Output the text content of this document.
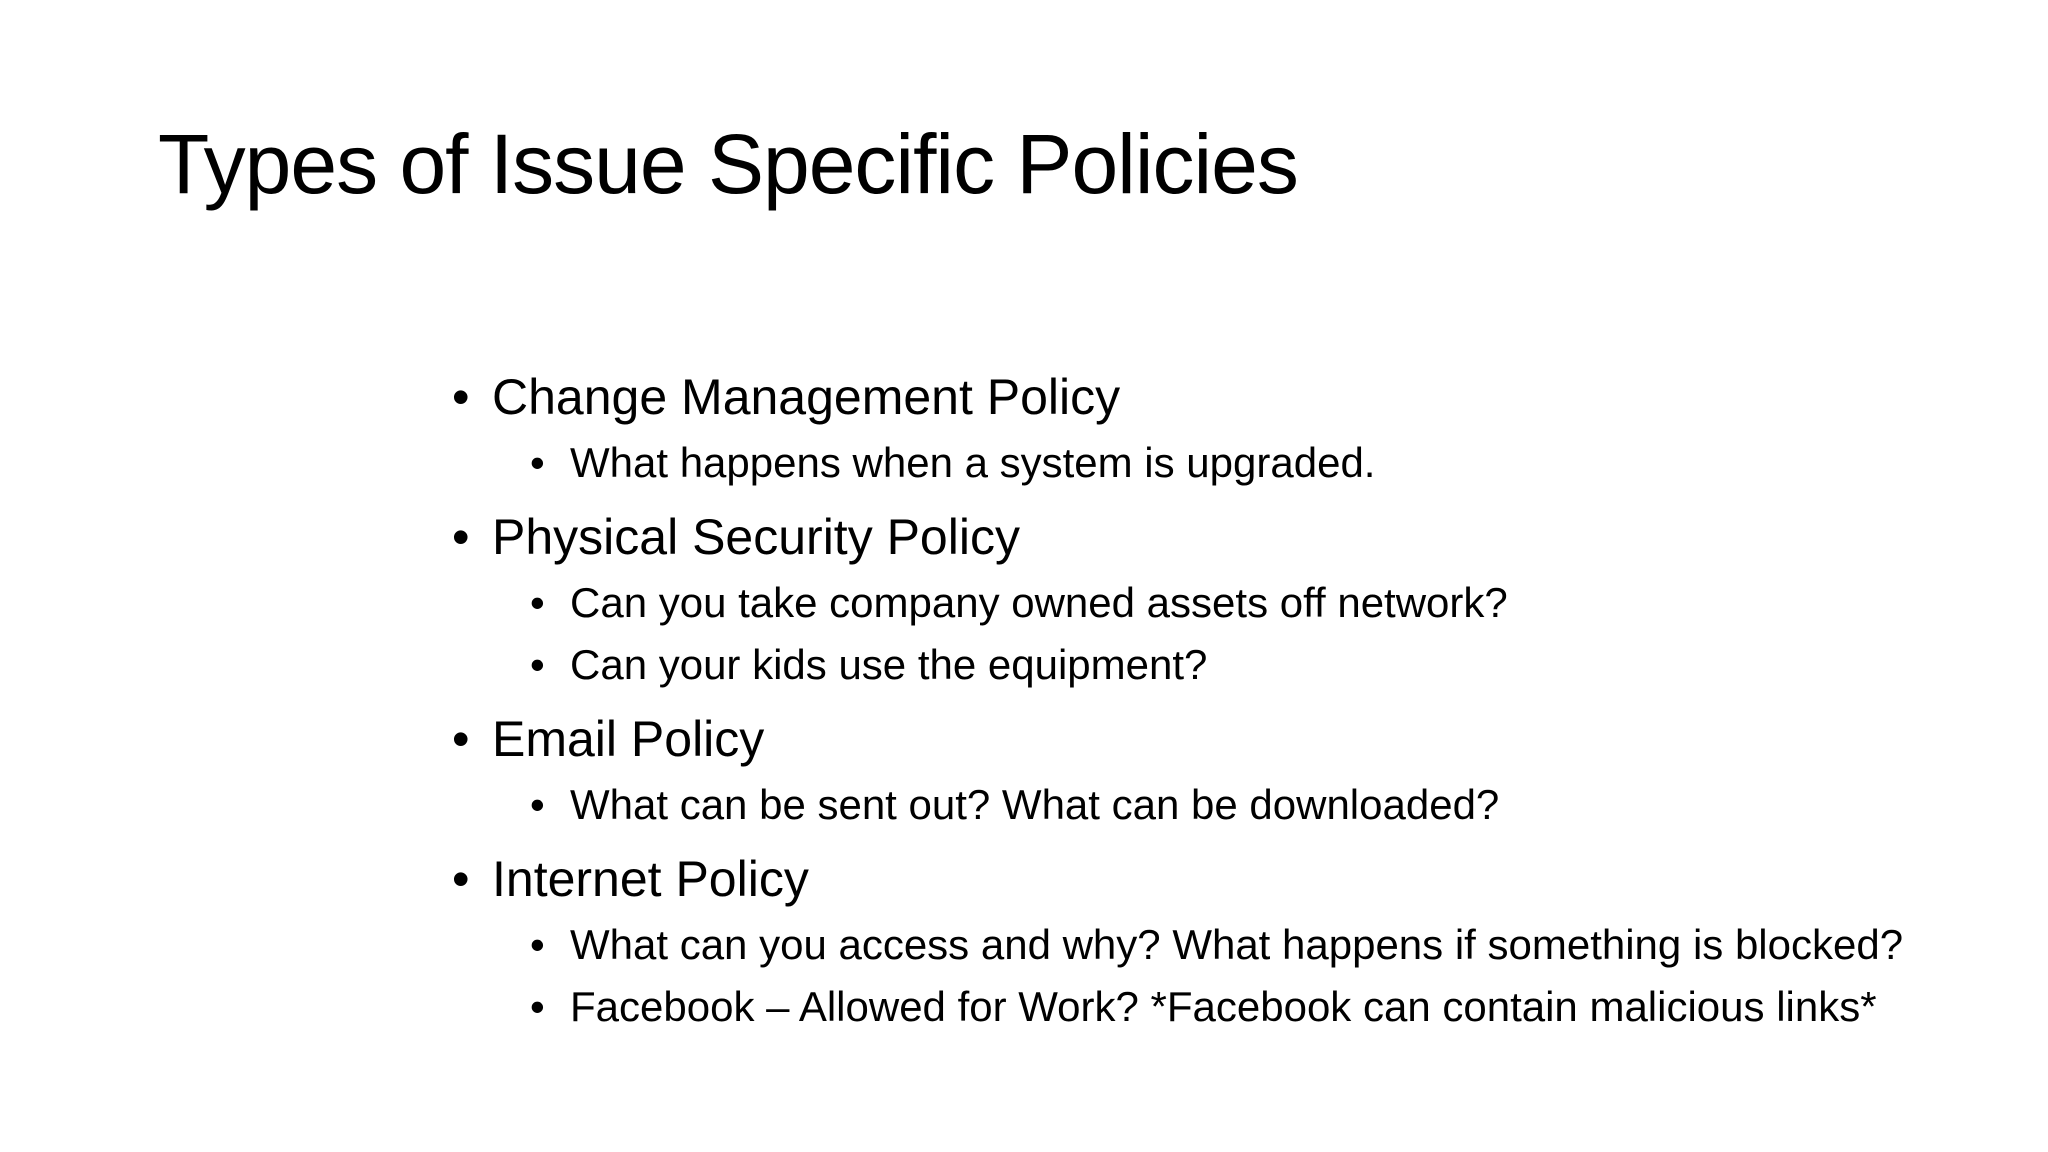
Types of Issue Specific Policies
• Change Management Policy
• What happens when a system is upgraded.
• Physical Security Policy
• Can you take company owned assets off network?
• Can your kids use the equipment?
• Email Policy
• What can be sent out? What can be downloaded?
• Internet Policy
• What can you access and why? What happens if something is blocked?
• Facebook – Allowed for Work? *Facebook can contain malicious links*
